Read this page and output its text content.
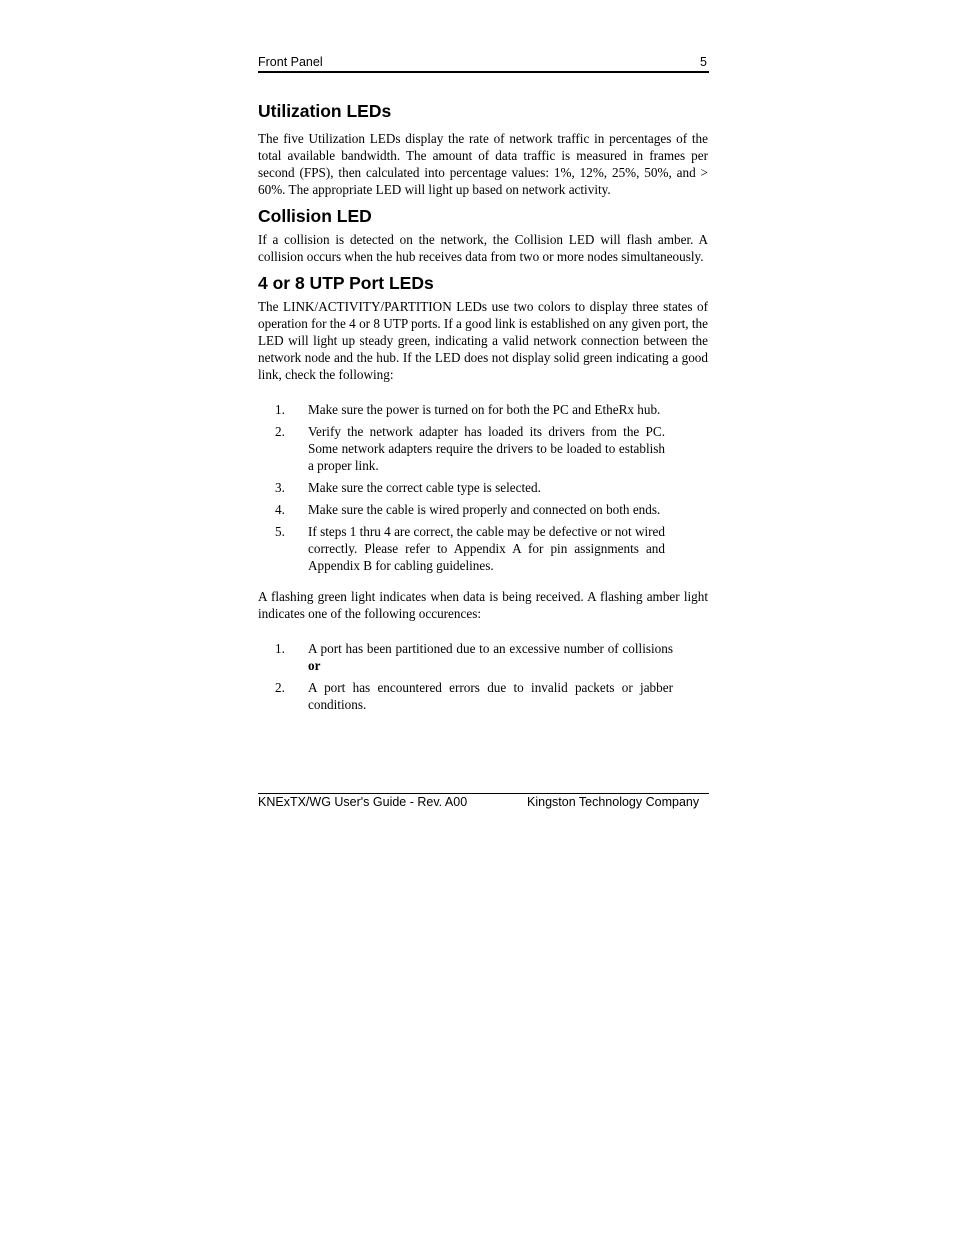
Front Panel	5
Utilization LEDs

The five Utilization LEDs display the rate of network traffic in percentages of the total available bandwidth. The amount of data traffic is measured in frames per second (FPS), then calculated into percentage values: 1%, 12%, 25%, 50%, and > 60%. The appropriate LED will light up based on network activity.

Collision LED

If a collision is detected on the network, the Collision LED will flash amber. A collision occurs when the hub receives data from two or more nodes simultaneously.

4 or 8 UTP Port LEDs

The LINK/ACTIVITY/PARTITION LEDs use two colors to display three states of operation for the 4 or 8 UTP ports. If a good link is established on any given port, the LED will light up steady green, indicating a valid network connection between the network node and the hub. If the LED does not display solid green indicating a good link, check the following:

1. Make sure the power is turned on for both the PC and EtheRx hub.
2. Verify the network adapter has loaded its drivers from the PC. Some network adapters require the drivers to be loaded to establish a proper link.
3. Make sure the correct cable type is selected.
4. Make sure the cable is wired properly and connected on both ends.
5. If steps 1 thru 4 are correct, the cable may be defective or not wired correctly. Please refer to Appendix A for pin assignments and Appendix B for cabling guidelines.

A flashing green light indicates when data is being received. A flashing amber light indicates one of the following occurences:

1. A port has been partitioned due to an excessive number of collisions or
2. A port has encountered errors due to invalid packets or jabber conditions.
KNExTX/WG User's Guide - Rev. A00	Kingston Technology Company
